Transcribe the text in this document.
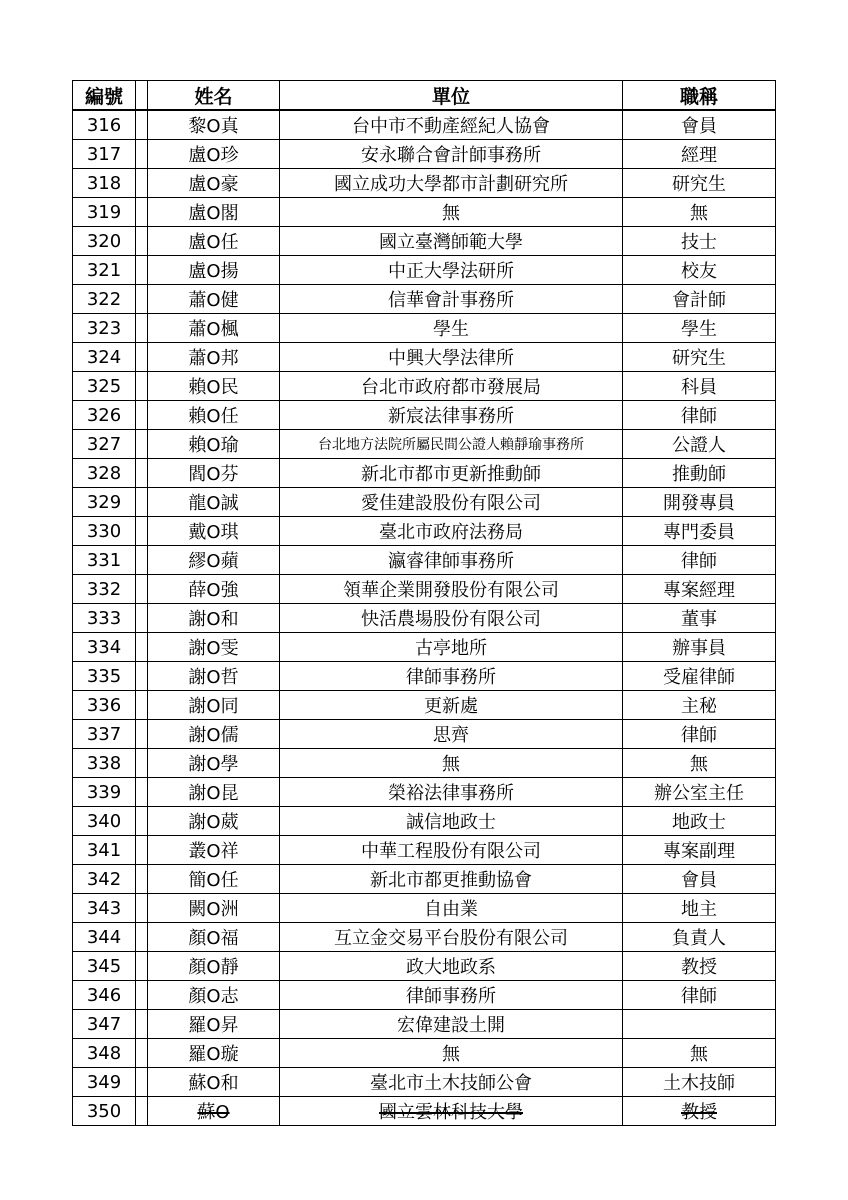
編號		姓名	單位	職稱
316		黎O真	台中市不動產經紀人協會	會員
317		盧O珍	安永聯合會計師事務所	經理
318		盧O豪	國立成功大學都市計劃研究所	研究生
319		盧O閣	無	無
320		盧O任	國立臺灣師範大學	技士
321		盧O揚	中正大學法研所	校友
322		蕭O健	信華會計事務所	會計師
323		蕭O楓	學生	學生
324		蕭O邦	中興大學法律所	研究生
325		賴O民	台北市政府都市發展局	科員
326		賴O任	新宸法律事務所	律師
327		賴O瑜	台北地方法院所屬民間公證人賴靜瑜事務所	公證人
328		閻O芬	新北市都市更新推動師	推動師
329		龍O誠	愛佳建設股份有限公司	開發專員
330		戴O琪	臺北市政府法務局	專門委員
331		繆O蘋	瀛睿律師事務所	律師
332		薛O強	領華企業開發股份有限公司	專案經理
333		謝O和	快活農場股份有限公司	董事
334		謝O雯	古亭地所	辦事員
335		謝O哲	律師事務所	受雇律師
336		謝O同	更新處	主秘
337		謝O儒	思齊	律師
338		謝O學	無	無
339		謝O昆	榮裕法律事務所	辦公室主任
340		謝O葳	誠信地政士	地政士
341		叢O祥	中華工程股份有限公司	專案副理
342		簡O任	新北市都更推動協會	會員
343		闕O洲	自由業	地主
344		顏O福	互立金交易平台股份有限公司	負責人
345		顏O靜	政大地政系	教授
346		顏O志	律師事務所	律師
347		羅O昇	宏偉建設土開	
348		羅O璇	無	無
349		蘇O和	臺北市土木技師公會	土木技師
350		蘇O	國立雲林科技大學	教授
